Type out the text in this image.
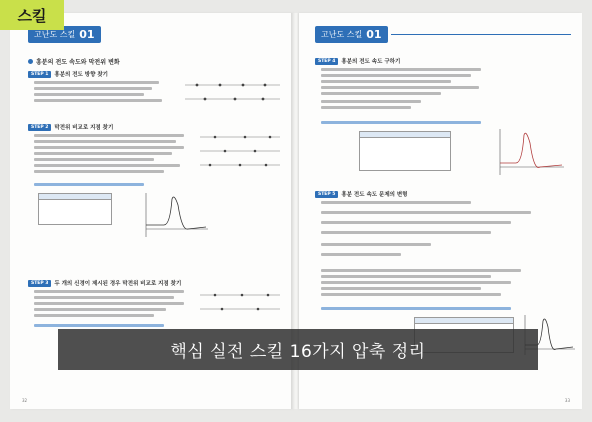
스킬
고난도 스킬 01
흥분의 전도 속도와 막전위 변화
STEP 1	흥분의 전도 방향 찾기
STEP 2	막전위 비교로 지점 찾기
STEP 3	두 개의 신경이 제시된 경우 막전위 비교로 지점 찾기
32
고난도 스킬 01
STEP 4	흥분의 전도 속도 구하기
STEP 5	흥분 전도 속도 문제의 변형
33
핵심 실전 스킬 16가지 압축 정리
